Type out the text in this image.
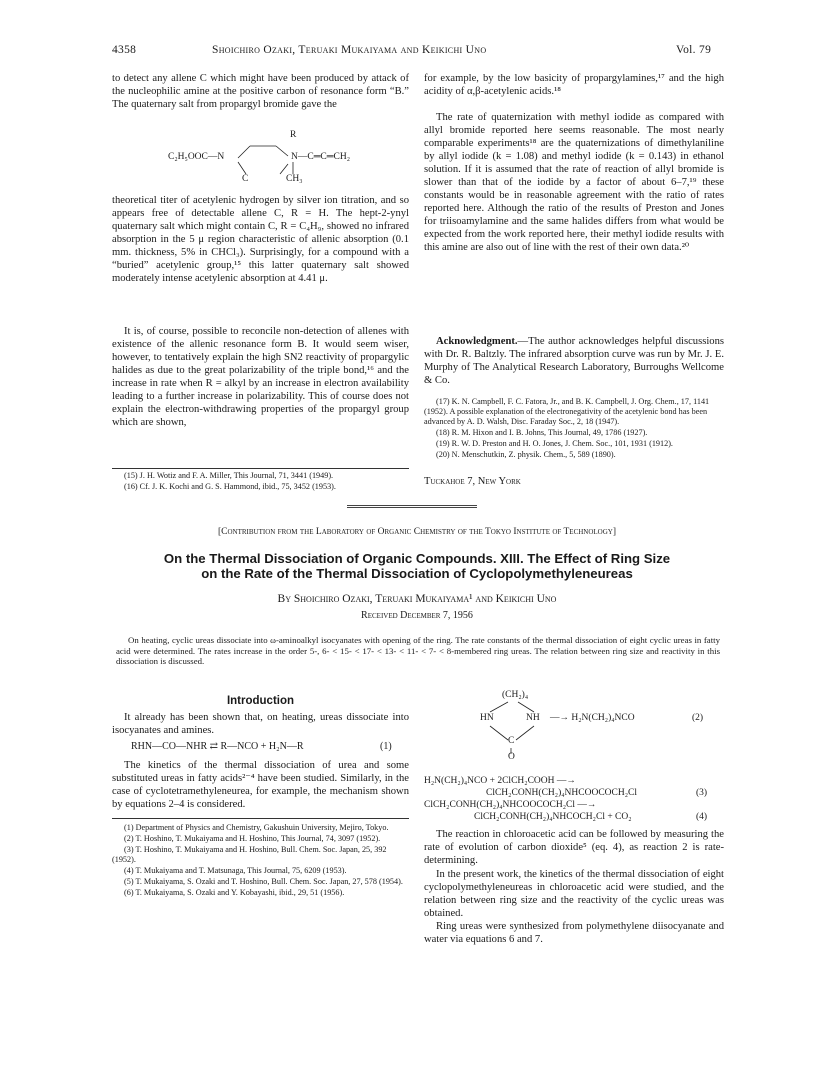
4358	Shoichiro Ozaki, Teruaki Mukaiyama and Keikichi Uno	Vol. 79
to detect any allene C which might have been produced by attack of the nucleophilic amine at the positive carbon of resonance form “B.” The quaternary salt from propargyl bromide gave the
R
C₂H₅OOC—N	N—C═C═CH₂
C	CH₃
theoretical titer of acetylenic hydrogen by silver ion titration, and so appears free of detectable allene C, R = H. The hept-2-ynyl quaternary salt which might contain C, R = C₄H₉, showed no infrared absorption in the 5 μ region characteristic of allenic absorption (0.1 mm. thickness, 5% in CHCl₃). Surprisingly, for a compound with a “buried” acetylenic group,¹⁵ this latter quaternary salt showed moderately intense acetylenic absorption at 4.41 μ.
It is, of course, possible to reconcile non-detection of allenes with existence of the allenic resonance form B. It would seem wiser, however, to tentatively explain the high SN2 reactivity of propargylic halides as due to the great polarizability of the triple bond,¹⁶ and the increase in rate when R = alkyl by an increase in electron availability leading to a further increase in polarizability. This of course does not explain the electron-withdrawing properties of the propargyl group which are shown,

(15) J. H. Wotiz and F. A. Miller, This Journal, 71, 3441 (1949).

(16) Cf. J. K. Kochi and G. S. Hammond, ibid., 75, 3452 (1953).

for example, by the low basicity of propargylamines,¹⁷ and the high acidity of α,β-acetylenic acids.¹⁸
The rate of quaternization with methyl iodide as compared with allyl bromide reported here seems reasonable. The most nearly comparable experiments¹⁸ are the quaternizations of dimethylaniline by allyl iodide (k = 1.08) and methyl iodide (k = 0.143) in ethanol solution. If it is assumed that the rate of reaction of allyl bromide is slower than that of the iodide by a factor of about 6–7,¹⁹ these constants would be in reasonable agreement with the ratio of rates reported here. Although the ratio of the results of Preston and Jones for triisoamylamine and the same halides differs from what would be expected from the work reported here, their methyl iodide results with this amine are also out of line with the rest of their own data.²⁰
Acknowledgment.—The author acknowledges helpful discussions with Dr. R. Baltzly. The infrared absorption curve was run by Mr. J. E. Murphy of The Analytical Research Laboratory, Burroughs Wellcome & Co.

(17) K. N. Campbell, F. C. Fatora, Jr., and B. K. Campbell, J. Org. Chem., 17, 1141 (1952). A possible explanation of the electronegativity of the acetylenic bond has been advanced by A. D. Walsh, Disc. Faraday Soc., 2, 18 (1947).

(18) R. M. Hixon and I. B. Johns, This Journal, 49, 1786 (1927).

(19) R. W. D. Preston and H. O. Jones, J. Chem. Soc., 101, 1931 (1912).

(20) N. Menschutkin, Z. physik. Chem., 5, 589 (1890).

Tuckahoe 7, New York
[Contribution from the Laboratory of Organic Chemistry of the Tokyo Institute of Technology]
On the Thermal Dissociation of Organic Compounds. XIII. The Effect of Ring Size
on the Rate of the Thermal Dissociation of Cyclopolymethyleneureas
By Shoichiro Ozaki, Teruaki Mukaiyama¹ and Keikichi Uno
Received December 7, 1956
On heating, cyclic ureas dissociate into ω-aminoalkyl isocyanates with opening of the ring. The rate constants of the thermal dissociation of eight cyclic ureas in fatty acid were determined. The rates increase in the order 5-, 6- < 15- < 17- < 13- < 11- < 7- < 8-membered ring ureas. The relation between ring size and reactivity in this dissociation is discussed.
Introduction
It already has been shown that, on heating, ureas dissociate into isocyanates and amines.
RHN—CO—NHR ⇄ R—NCO + H₂N—R	(1)
The kinetics of the thermal dissociation of urea and some substituted ureas in fatty acids²⁻⁴ have been studied. Similarly, in the case of cyclotetramethyleneurea, for example, the mechanism shown by equations 2–4 is considered.

(1) Department of Physics and Chemistry, Gakushuin University, Mejiro, Tokyo.

(2) T. Hoshino, T. Mukaiyama and H. Hoshino, This Journal, 74, 3097 (1952).

(3) T. Hoshino, T. Mukaiyama and H. Hoshino, Bull. Chem. Soc. Japan, 25, 392 (1952).

(4) T. Mukaiyama and T. Matsunaga, This Journal, 75, 6209 (1953).

(5) T. Mukaiyama, S. Ozaki and T. Hoshino, Bull. Chem. Soc. Japan, 27, 578 (1954).

(6) T. Mukaiyama, S. Ozaki and Y. Kobayashi, ibid., 29, 51 (1956).

(CH₂)₄
HN	NH —→ H₂N(CH₂)₄NCO
C
O
(2)
H₂N(CH₂)₄NCO + 2ClCH₂COOH —→
ClCH₂CONH(CH₂)₄NHCOOCOCH₂Cl	(3)
ClCH₂CONH(CH₂)₄NHCOOCOCH₂Cl —→
ClCH₂CONH(CH₂)₄NHCOCH₂Cl + CO₂	(4)
The reaction in chloroacetic acid can be followed by measuring the rate of evolution of carbon dioxide⁵ (eq. 4), as reaction 2 is rate-determining.
In the present work, the kinetics of the thermal dissociation of eight cyclopolymethyleneureas in chloroacetic acid were studied, and the relation between ring size and the reactivity of the cyclic ureas was obtained.
Ring ureas were synthesized from polymethylene diisocyanate and water via equations 6 and 7.
